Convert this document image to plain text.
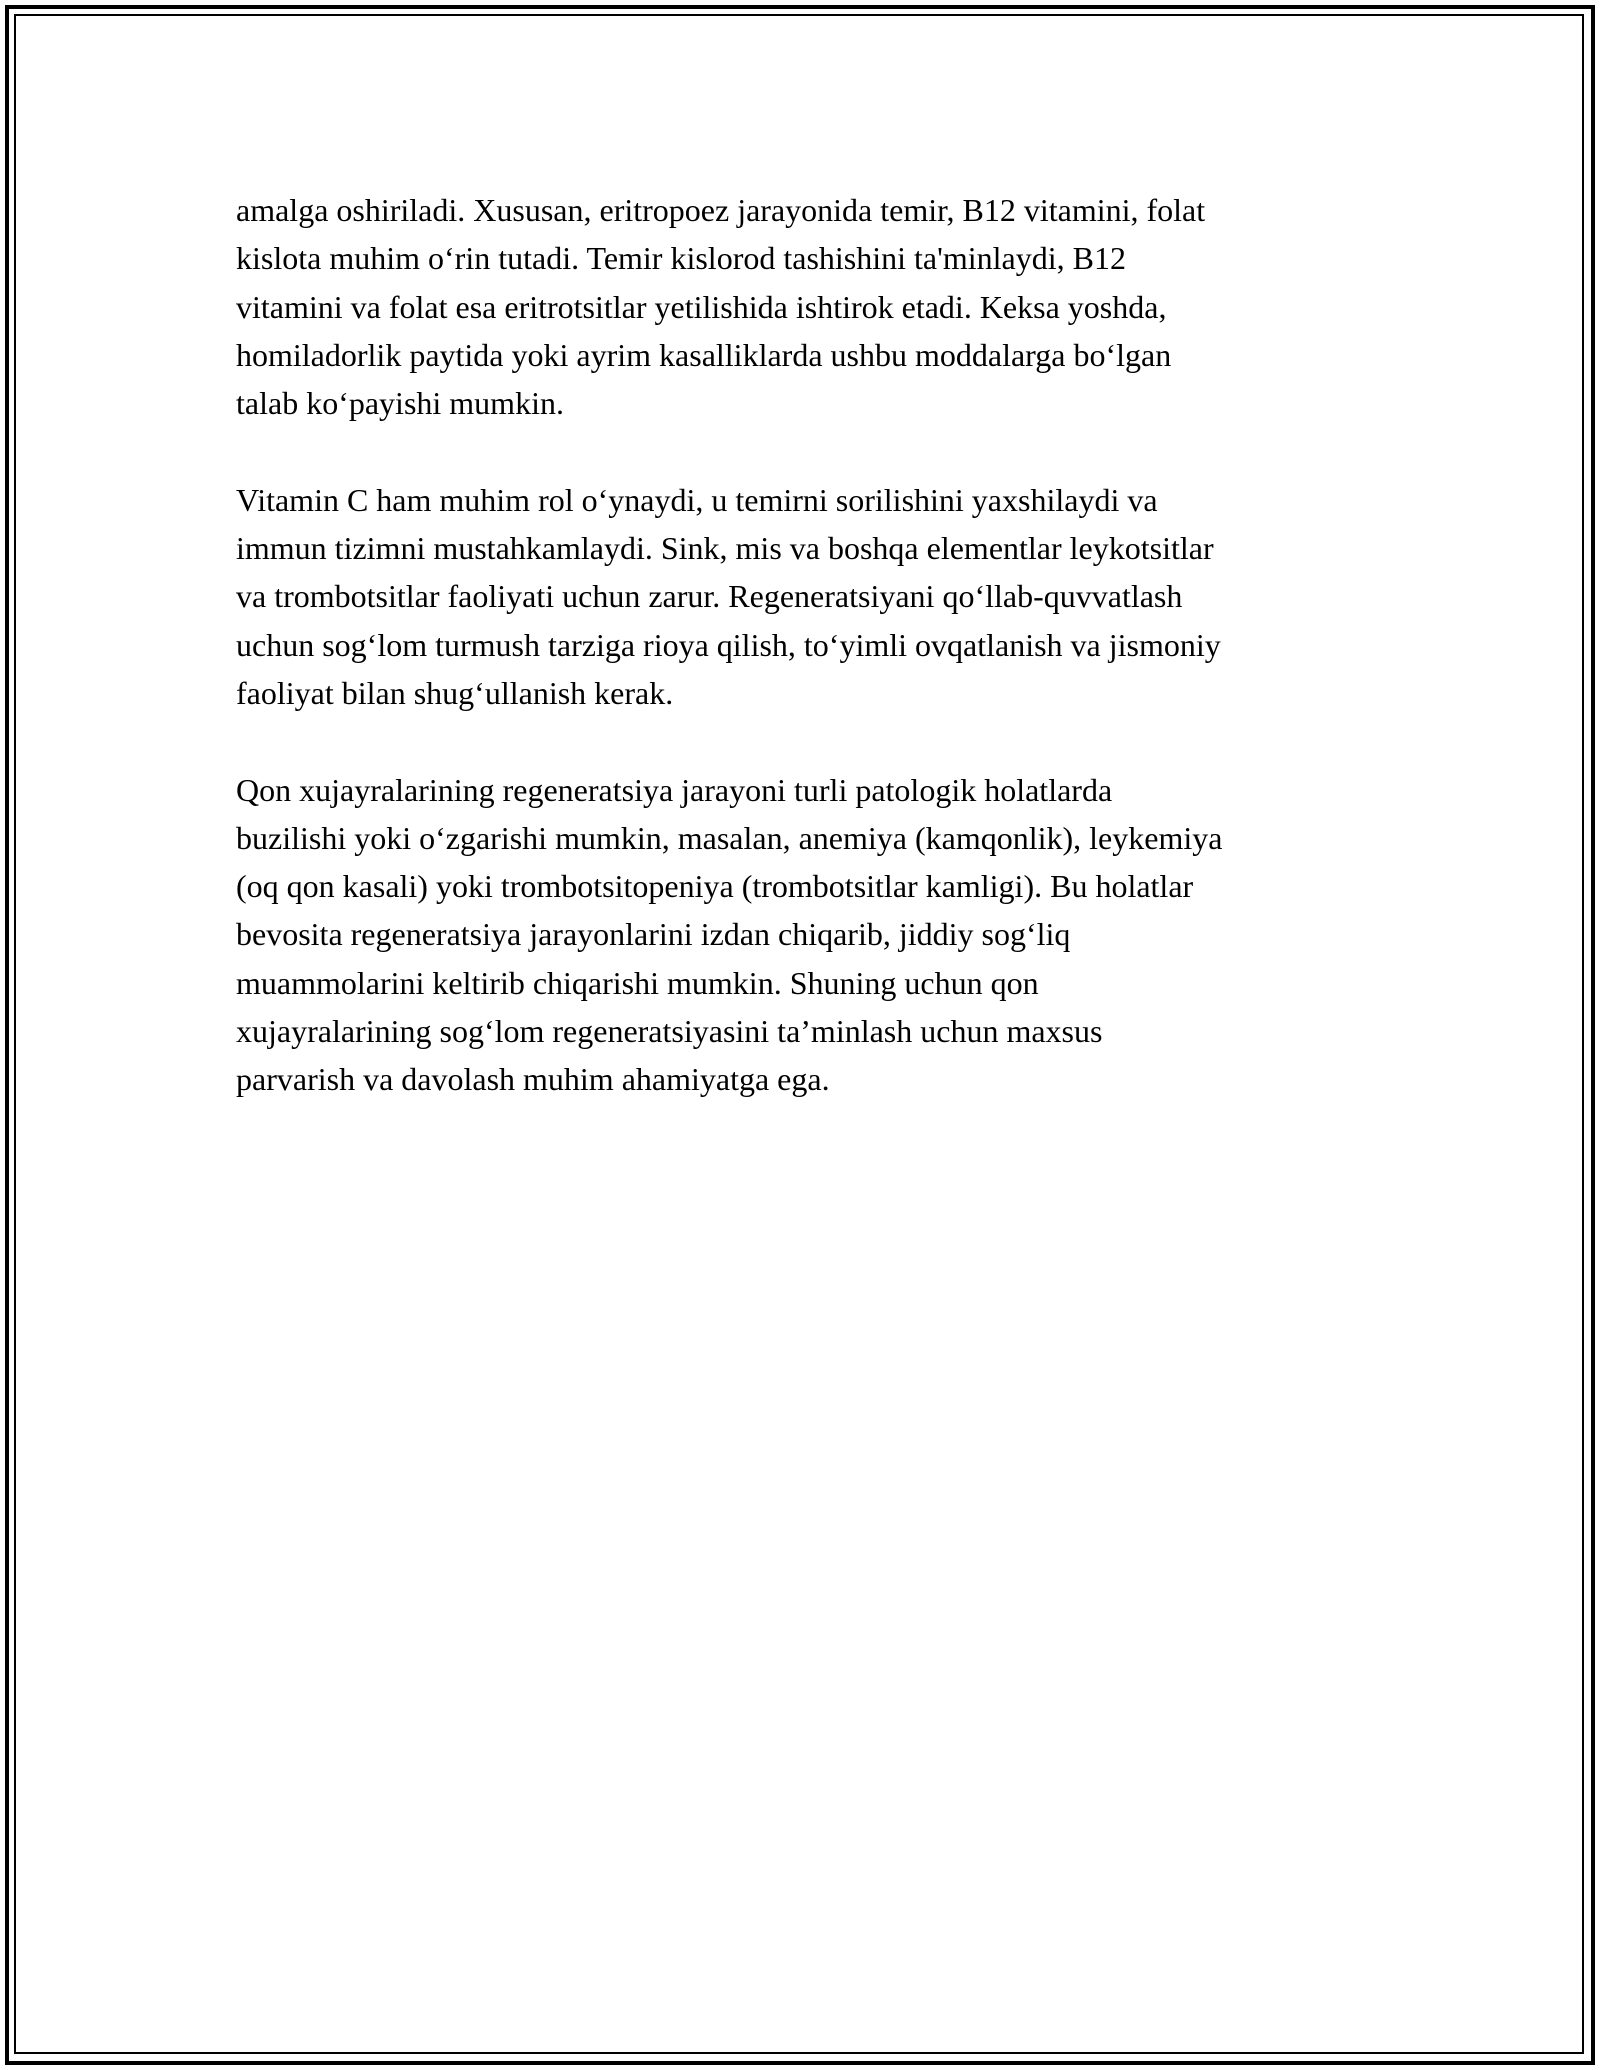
amalga oshiriladi. Xususan, eritropoez jarayonida temir, B12 vitamini, folat
kislota muhim o‘rin tutadi. Temir kislorod tashishini ta'minlaydi, B12
vitamini va folat esa eritrotsitlar yetilishida ishtirok etadi. Keksa yoshda,
homiladorlik paytida yoki ayrim kasalliklarda ushbu moddalarga bo‘lgan
talab ko‘payishi mumkin.

Vitamin C ham muhim rol o‘ynaydi, u temirni sorilishini yaxshilaydi va
immun tizimni mustahkamlaydi. Sink, mis va boshqa elementlar leykotsitlar
va trombotsitlar faoliyati uchun zarur. Regeneratsiyani qo‘llab-quvvatlash
uchun sog‘lom turmush tarziga rioya qilish, to‘yimli ovqatlanish va jismoniy
faoliyat bilan shug‘ullanish kerak.

Qon xujayralarining regeneratsiya jarayoni turli patologik holatlarda
buzilishi yoki o‘zgarishi mumkin, masalan, anemiya (kamqonlik), leykemiya
(oq qon kasali) yoki trombotsitopeniya (trombotsitlar kamligi). Bu holatlar
bevosita regeneratsiya jarayonlarini izdan chiqarib, jiddiy sog‘liq
muammolarini keltirib chiqarishi mumkin. Shuning uchun qon
xujayralarining sog‘lom regeneratsiyasini ta’minlash uchun maxsus
parvarish va davolash muhim ahamiyatga ega.
